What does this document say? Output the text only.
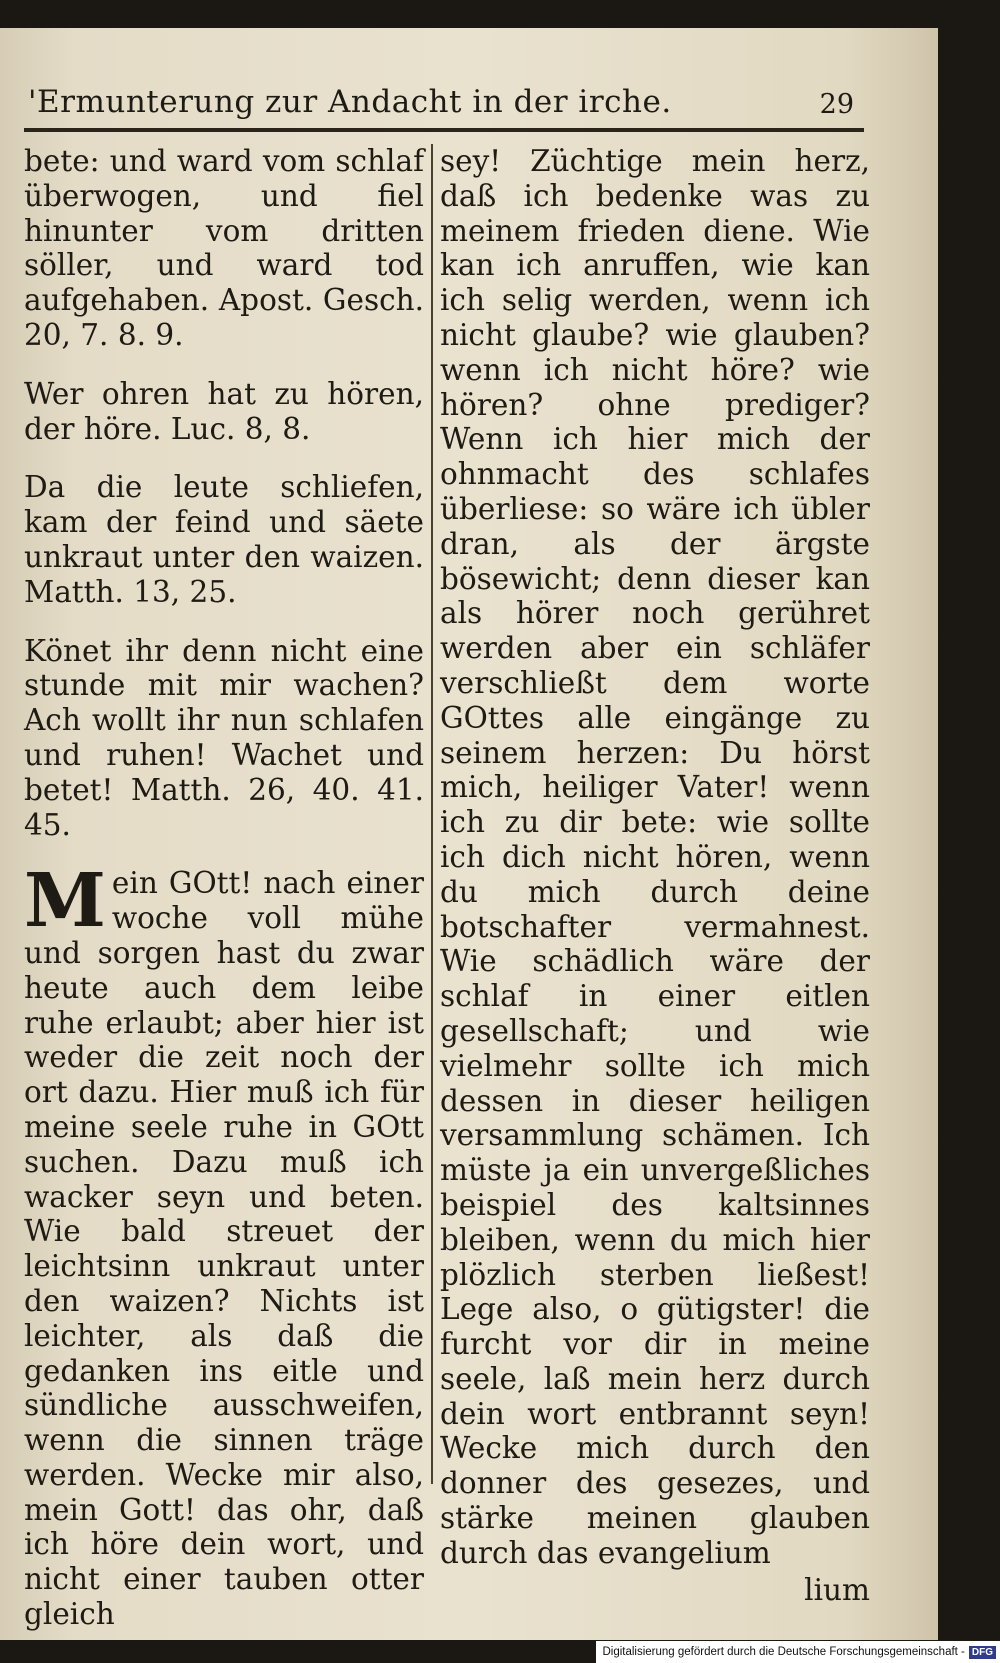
'Ermunterung zur Andacht in der irche.	29

bete: und ward vom schlaf überwogen, und fiel hinunter vom dritten söller, und ward tod aufgehaben. Apost. Gesch. 20, 7. 8. 9.

Wer ohren hat zu hören, der höre. Luc. 8, 8.

Da die leute schliefen, kam der feind und säete unkraut unter den waizen. Matth. 13, 25.

Könet ihr denn nicht eine stunde mit mir wachen? Ach wollt ihr nun schlafen und ruhen! Wachet und betet! Matth. 26, 40. 41. 45.

Mein GOtt! nach einer woche voll mühe und sorgen hast du zwar heute auch dem leibe ruhe erlaubt; aber hier ist weder die zeit noch der ort dazu. Hier muß ich für meine seele ruhe in GOtt suchen. Dazu muß ich wacker seyn und beten. Wie bald streuet der leichtsinn unkraut unter den waizen? Nichts ist leichter, als daß die gedanken ins eitle und sündliche ausschweifen, wenn die sinnen träge werden. Wecke mir also, mein Gott! das ohr, daß ich höre dein wort, und nicht einer tauben otter gleich

sey! Züchtige mein herz, daß ich bedenke was zu meinem frieden diene. Wie kan ich anruffen, wie kan ich selig werden, wenn ich nicht glaube? wie glauben? wenn ich nicht höre? wie hören? ohne prediger? Wenn ich hier mich der ohnmacht des schlafes überliese: so wäre ich übler dran, als der ärgste bösewicht; denn dieser kan als hörer noch gerühret werden aber ein schläfer verschließt dem worte GOttes alle eingänge zu seinem herzen: Du hörst mich, heiliger Vater! wenn ich zu dir bete: wie sollte ich dich nicht hören, wenn du mich durch deine botschafter vermahnest. Wie schädlich wäre der schlaf in einer eitlen gesellschaft; und wie vielmehr sollte ich mich dessen in dieser heiligen versammlung schämen. Ich müste ja ein unvergeßliches beispiel des kaltsinnes bleiben, wenn du mich hier plözlich sterben ließest! Lege also, o gütigster! die furcht vor dir in meine seele, laß mein herz durch dein wort entbrannt seyn! Wecke mich durch den donner des gesezes, und stärke meinen glauben durch das evangelium

lium

Digitalisierung gefördert durch die Deutsche Forschungsgemeinschaft - DFG
